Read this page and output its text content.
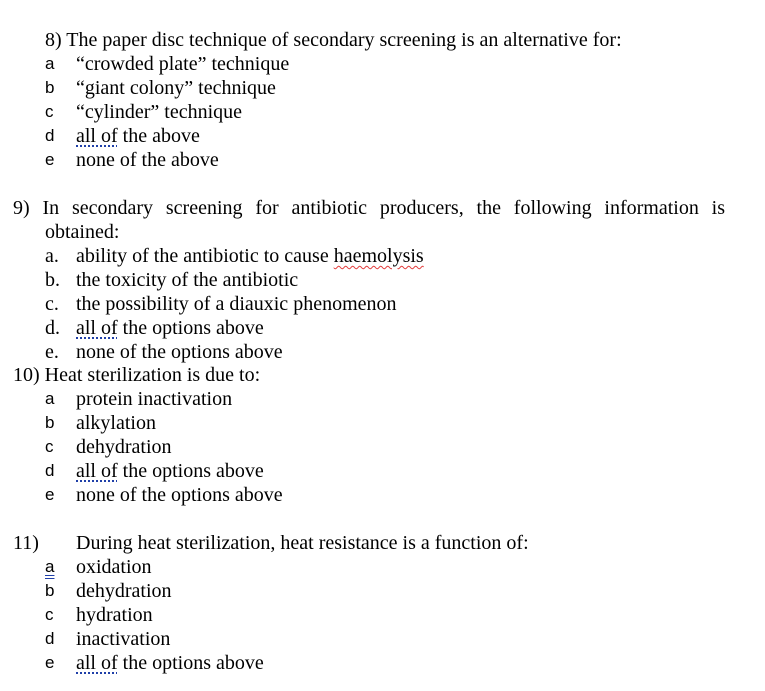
8) The paper disc technique of secondary screening is an alternative for:
a “crowded plate” technique
b “giant colony” technique
c “cylinder” technique
d all of the above
e none of the above
9) In secondary screening for antibiotic producers, the following information is obtained:
a. ability of the antibiotic to cause haemolysis
b. the toxicity of the antibiotic
c. the possibility of a diauxic phenomenon
d. all of the options above
e. none of the options above
10) Heat sterilization is due to:
a protein inactivation
b alkylation
c dehydration
d all of the options above
e none of the options above
11) During heat sterilization, heat resistance is a function of:
a oxidation
b dehydration
c hydration
d inactivation
e all of the options above
